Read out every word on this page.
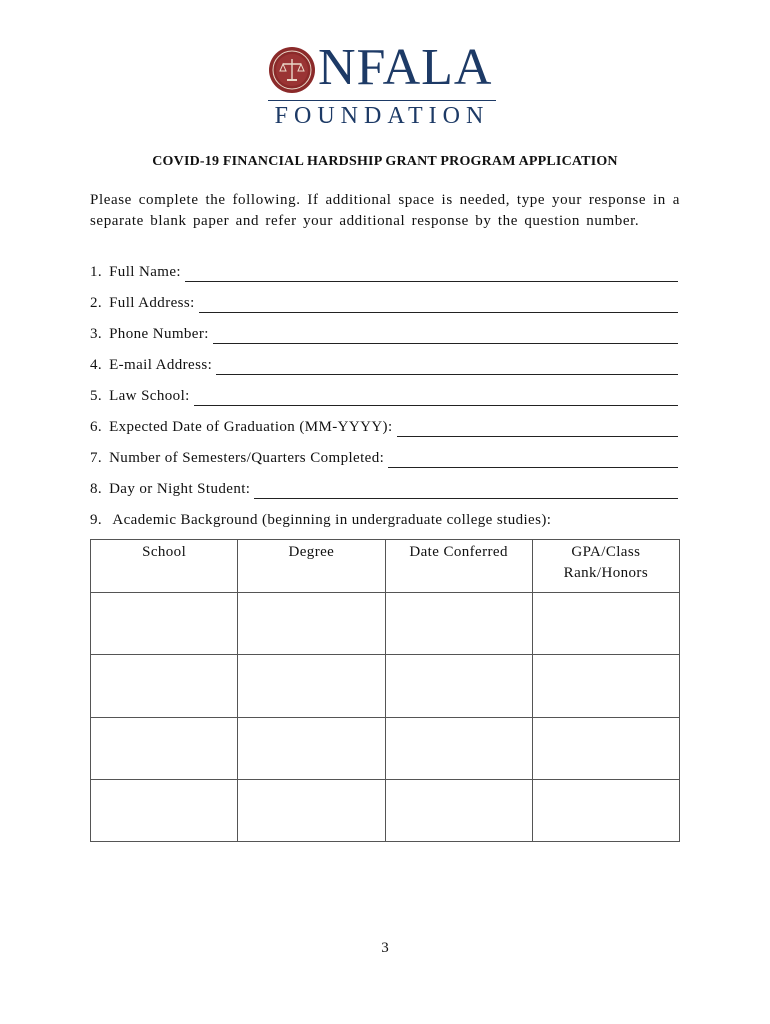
NFALA
FOUNDATION
COVID-19 FINANCIAL HARDSHIP GRANT PROGRAM APPLICATION
Please complete the following. If additional space is needed, type your response in a separate blank paper and refer your additional response by the question number.
1. Full Name:
2. Full Address:
3. Phone Number:
4. E-mail Address:
5. Law School:
6. Expected Date of Graduation (MM-YYYY):
7. Number of Semesters/Quarters Completed:
8. Day or Night Student:
9. Academic Background (beginning in undergraduate college studies):
School	Degree	Date Conferred	GPA/Class Rank/Honors

3
